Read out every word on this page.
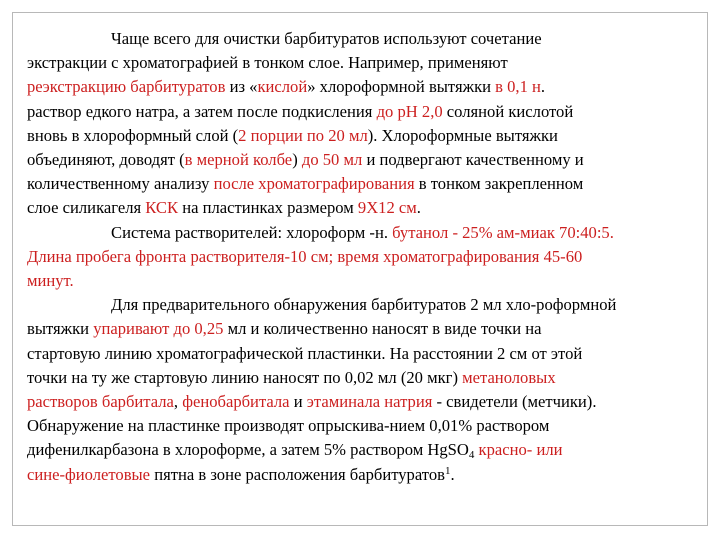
Чаще всего для очистки барбитуратов используют сочетание
экстракции с хроматографией в тонком слое. Например, применяют
реэкстракцию барбитуратов из «кислой» хлороформной вытяжки в 0,1 н.
раствор едкого натра, а затем после подкисления до рН 2,0 соляной кислотой
вновь в хлороформный слой (2 порции по 20 мл). Хлороформные вытяжки
объединяют, доводят (в мерной колбе) до 50 мл и подвергают качественному и
количественному анализу после хроматографирования в тонком закрепленном
слое силикагеля КСК на пластинках размером 9Х12 см.
Система растворителей: хлороформ -н. бутанол - 25% ам-миак 70:40:5.
Длина пробега фронта растворителя-10 см; время хроматографирования 45-60
минут.
Для предварительного обнаружения барбитуратов 2 мл хло-роформной
вытяжки упаривают до 0,25 мл и количественно наносят в виде точки на
стартовую линию хроматографической пластинки. На расстоянии 2 см от этой
точки на ту же стартовую линию наносят по 0,02 мл (20 мкг) метаноловых
растворов барбитала, фенобарбитала и этаминала натрия - свидетели (метчики).
Обнаружение на пластинке производят опрыскива-нием 0,01% раствором
дифенилкарбазона в хлороформе, а затем 5% раствором HgSO$_4$ красно- или
сине-фиолетовые пятна в зоне расположения барбитуратов$^1$.
